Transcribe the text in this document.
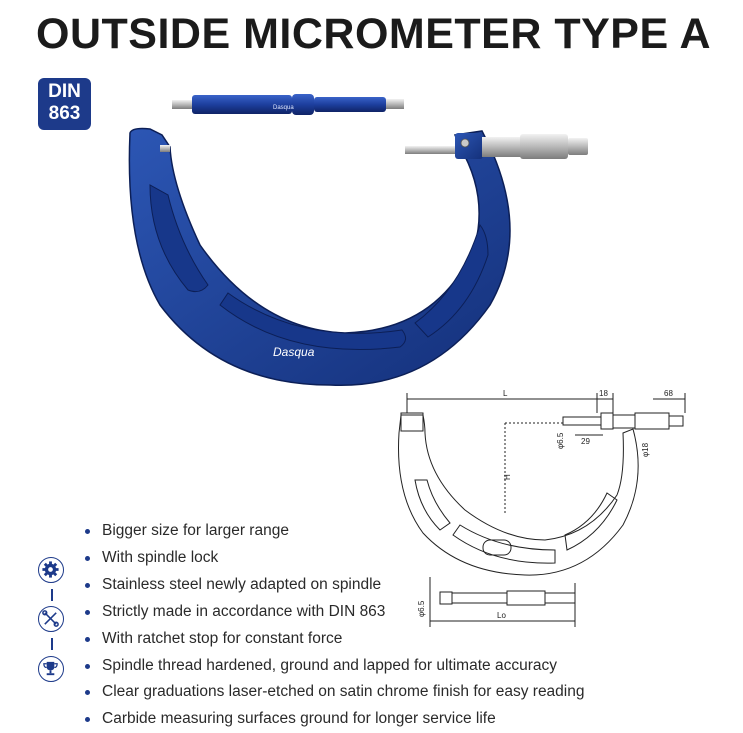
OUTSIDE MICROMETER TYPE A
DIN
863	Dasqua
Dasqua
L	18	68
φ6.5 29
H
φ18
φ6.5	Lo
Bigger size for larger range
With spindle lock
Stainless steel newly adapted on spindle
Strictly made in accordance with DIN 863
With ratchet stop for constant force
Spindle thread hardened, ground and lapped for ultimate accuracy
Clear graduations laser-etched on satin chrome finish for easy reading
Carbide measuring surfaces ground for longer service life
